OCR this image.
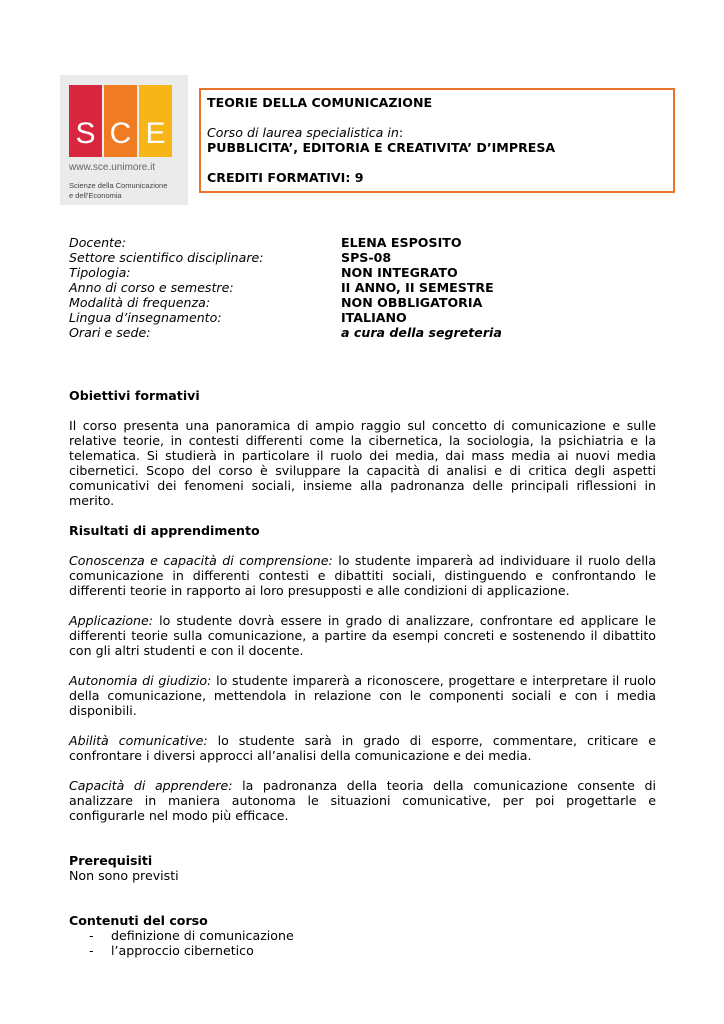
S C E
www.sce.unimore.it
Scienze della Comunicazione
e dell'Economia

TEORIE DELLA COMUNICAZIONE

Corso di laurea specialistica in:

PUBBLICITA’, EDITORIA E CREATIVITA’ D’IMPRESA

CREDITI FORMATIVI: 9

Docente:	ELENA ESPOSITO
Settore scientifico disciplinare:	SPS-08
Tipologia:	NON INTEGRATO
Anno di corso e semestre:	II ANNO, II SEMESTRE
Modalità di frequenza:	NON OBBLIGATORIA
Lingua d’insegnamento:	ITALIANO
Orari e sede:	a cura della segreteria
Obiettivi formativi

Il corso presenta una panoramica di ampio raggio sul concetto di comunicazione e sulle relative teorie, in contesti differenti come la cibernetica, la sociologia, la psichiatria e la telematica. Si studierà in particolare il ruolo dei media, dai mass media ai nuovi media cibernetici. Scopo del corso è sviluppare la capacità di analisi e di critica degli aspetti comunicativi dei fenomeni sociali, insieme alla padronanza delle principali riflessioni in merito.

Risultati di apprendimento

Conoscenza e capacità di comprensione: lo studente imparerà ad individuare il ruolo della comunicazione in differenti contesti e dibattiti sociali, distinguendo e confrontando le differenti teorie in rapporto ai loro presupposti e alle condizioni di applicazione.

Applicazione: lo studente dovrà essere in grado di analizzare, confrontare ed applicare le differenti teorie sulla comunicazione, a partire da esempi concreti e sostenendo il dibattito con gli altri studenti e con il docente.

Autonomia di giudizio: lo studente imparerà a riconoscere, progettare e interpretare il ruolo della comunicazione, mettendola in relazione con le componenti sociali e con i media disponibili.

Abilità comunicative: lo studente sarà in grado di esporre, commentare, criticare e confrontare i diversi approcci all’analisi della comunicazione e dei media.

Capacità di apprendere: la padronanza della teoria della comunicazione consente di analizzare in maniera autonoma le situazioni comunicative, per poi progettarle e configurarle nel modo più efficace.

Prerequisiti

Non sono previsti

Contenuti del corso
-	definizione di comunicazione
-	l’approccio cibernetico
